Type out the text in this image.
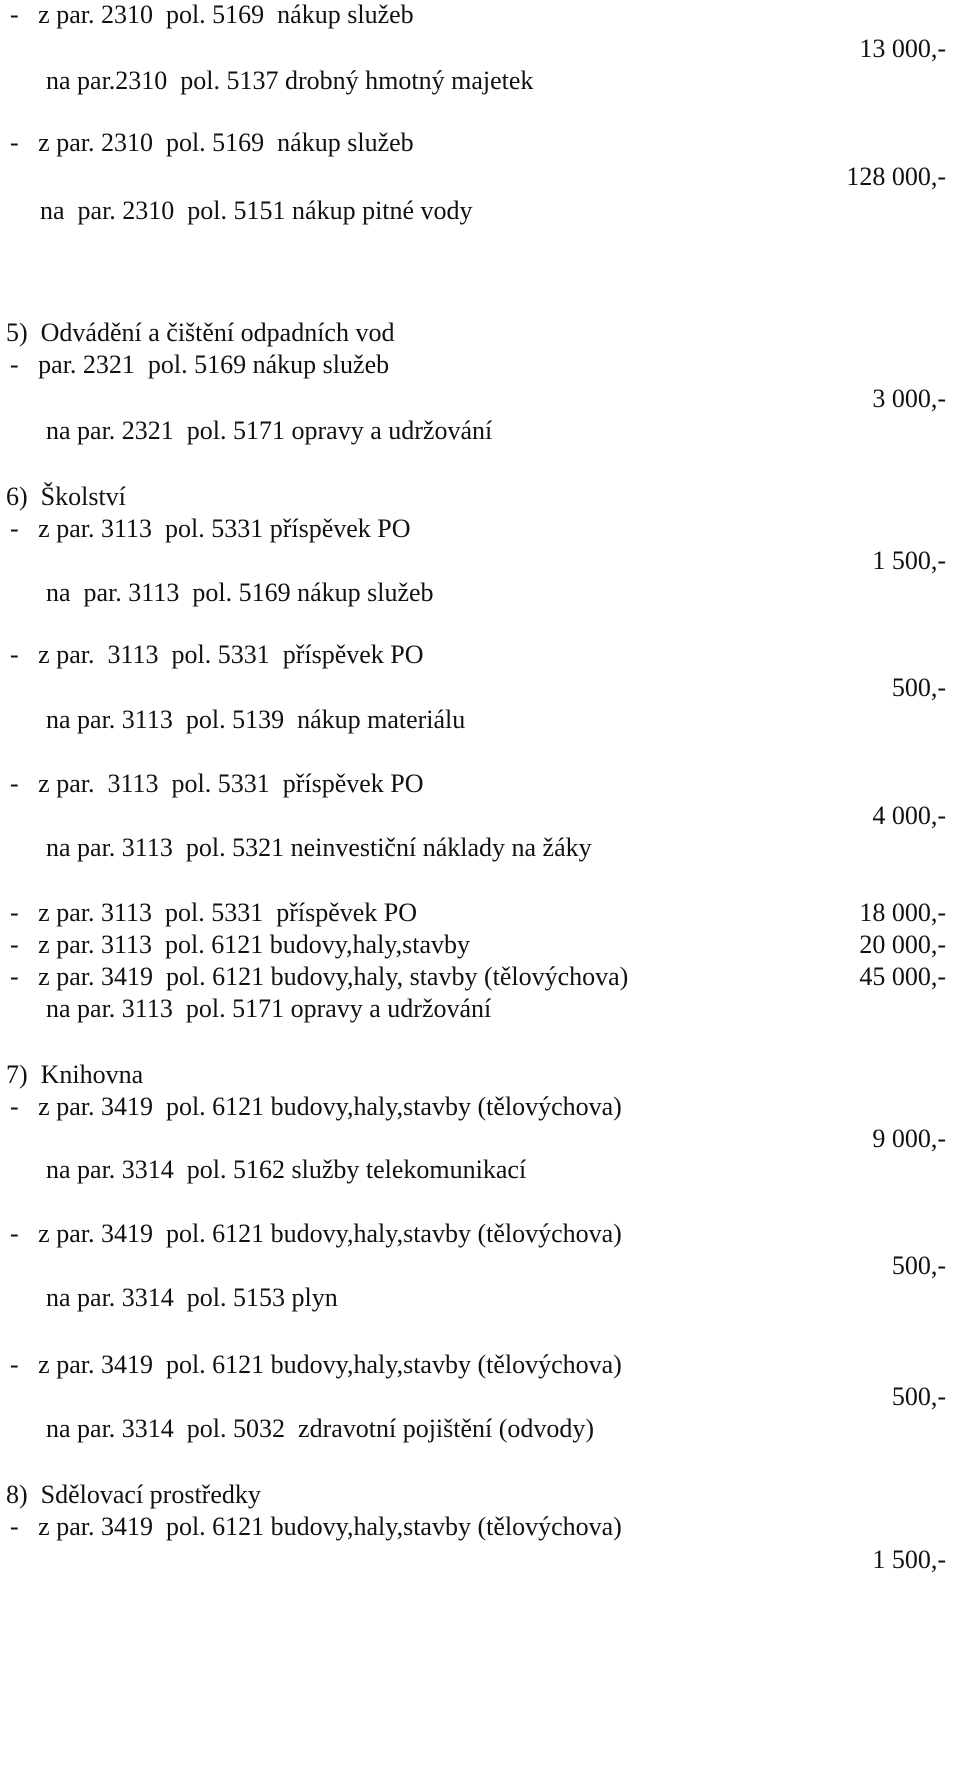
-   z par. 2310  pol. 5169  nákup služeb
na par.2310  pol. 5137 drobný hmotný majetek
-   z par. 2310  pol. 5169  nákup služeb
na  par. 2310  pol. 5151 nákup pitné vody
5)  Odvádění a čištění odpadních vod
-   par. 2321  pol. 5169 nákup služeb
na par. 2321  pol. 5171 opravy a udržování
6)  Školství
-   z par. 3113  pol. 5331 příspěvek PO
na  par. 3113  pol. 5169 nákup služeb
-   z par.  3113  pol. 5331  příspěvek PO
na par. 3113  pol. 5139  nákup materiálu
-   z par.  3113  pol. 5331  příspěvek PO
na par. 3113  pol. 5321 neinvestiční náklady na žáky
-   z par. 3113  pol. 5331  příspěvek PO
-   z par. 3113  pol. 6121 budovy,haly,stavby
-   z par. 3419  pol. 6121 budovy,haly, stavby (tělovýchova)
na par. 3113  pol. 5171 opravy a udržování
7)  Knihovna
-   z par. 3419  pol. 6121 budovy,haly,stavby (tělovýchova)
na par. 3314  pol. 5162 služby telekomunikací
-   z par. 3419  pol. 6121 budovy,haly,stavby (tělovýchova)
na par. 3314  pol. 5153 plyn
-   z par. 3419  pol. 6121 budovy,haly,stavby (tělovýchova)
na par. 3314  pol. 5032  zdravotní pojištění (odvody)
8)  Sdělovací prostředky
-   z par. 3419  pol. 6121 budovy,haly,stavby (tělovýchova)
13 000,-
128 000,-
3 000,-
1 500,-
500,-
4 000,-
18 000,-
20 000,-
45 000,-
9 000,-
500,-
500,-
1 500,-
